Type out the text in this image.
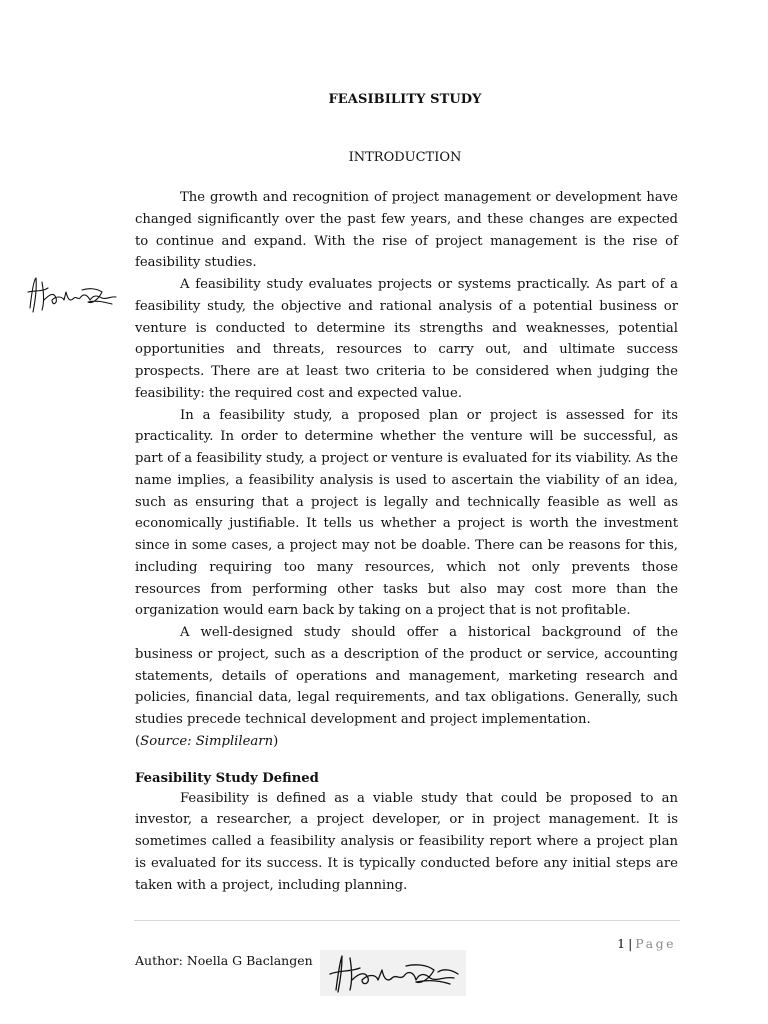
FEASIBILITY STUDY
INTRODUCTION

The growth and recognition of project management or development have changed significantly over the past few years, and these changes are expected to continue and expand. With the rise of project management is the rise of feasibility studies.

A feasibility study evaluates projects or systems practically. As part of a feasibility study, the objective and rational analysis of a potential business or venture is conducted to determine its strengths and weaknesses, potential opportunities and threats, resources to carry out, and ultimate success prospects. There are at least two criteria to be considered when judging the feasibility: the required cost and expected value.

In a feasibility study, a proposed plan or project is assessed for its practicality. In order to determine whether the venture will be successful, as part of a feasibility study, a project or venture is evaluated for its viability. As the name implies, a feasibility analysis is used to ascertain the viability of an idea, such as ensuring that a project is legally and technically feasible as well as economically justifiable. It tells us whether a project is worth the investment since in some cases, a project may not be doable. There can be reasons for this, including requiring too many resources, which not only prevents those resources from performing other tasks but also may cost more than the organization would earn back by taking on a project that is not profitable.

A well-designed study should offer a historical background of the business or project, such as a description of the product or service, accounting statements, details of operations and management, marketing research and policies, financial data, legal requirements, and tax obligations. Generally, such studies precede technical development and project implementation.

(Source: Simplilearn)
Feasibility Study Defined

Feasibility is defined as a viable study that could be proposed to an investor, a researcher, a project developer, or in project management. It is sometimes called a feasibility analysis or feasibility report where a project plan is evaluated for its success. It is typically conducted before any initial steps are taken with a project, including planning.

1 | Page
Author: Noella G Baclangen
